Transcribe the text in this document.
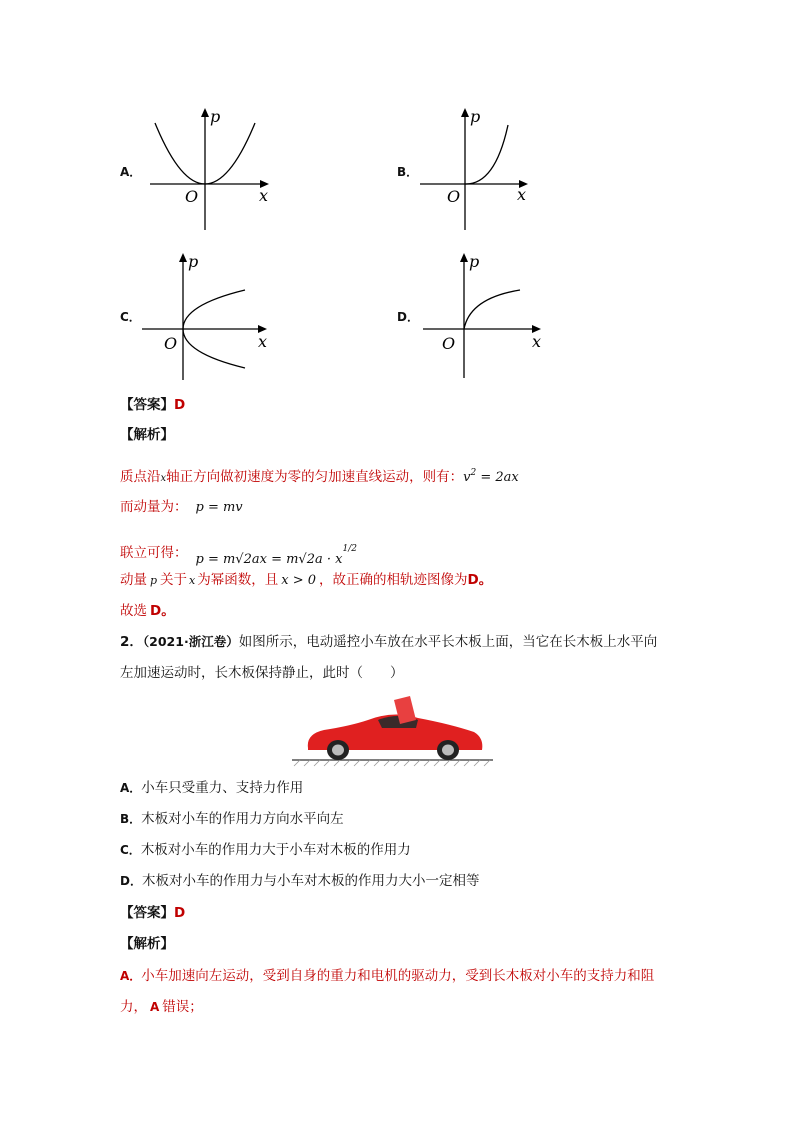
A．
p
x
O
B．
p
x
O
C．
p
x
O
D．
p
x
O
【答案】D
【解析】
质点沿x轴正方向做初速度为零的匀加速直线运动，则有：$v^2 = 2ax$
而动量为： p = mv
联立可得： $p = m√2ax = m√2a \cdot x^{1/2}$
动量 p 关于 x 为幂函数，且 x > 0 ，故正确的相轨迹图像为D。
故选 D。
2．（2021·浙江卷）如图所示，电动遥控小车放在水平长木板上面，当它在长木板上水平向
左加速运动时，长木板保持静止，此时（　　）
A．小车只受重力、支持力作用
B．木板对小车的作用力方向水平向左
C．木板对小车的作用力大于小车对木板的作用力
D．木板对小车的作用力与小车对木板的作用力大小一定相等
【答案】D
【解析】
A．小车加速向左运动，受到自身的重力和电机的驱动力，受到长木板对小车的支持力和阻
力， A 错误；
